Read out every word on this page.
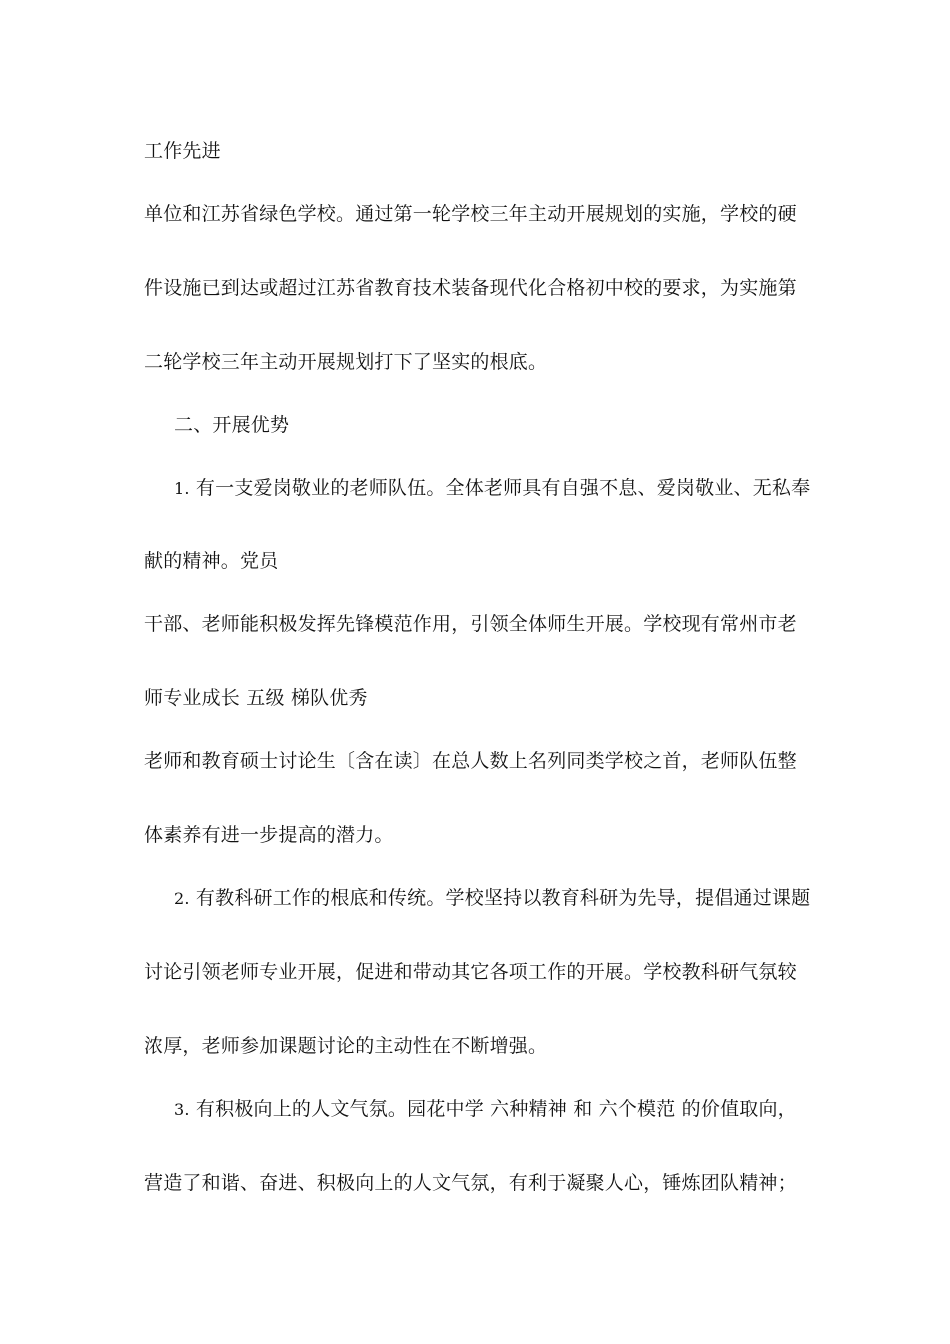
工作先进
单位和江苏省绿色学校。通过第一轮学校三年主动开展规划的实施，学校的硬
件设施已到达或超过江苏省教育技术装备现代化合格初中校的要求，为实施第
二轮学校三年主动开展规划打下了坚实的根底。
二、开展优势
1. 有一支爱岗敬业的老师队伍。全体老师具有自强不息、爱岗敬业、无私奉
献的精神。党员
干部、老师能积极发挥先锋模范作用，引领全体师生开展。学校现有常州市老
师专业成长 五级 梯队优秀
老师和教育硕士讨论生〔含在读〕在总人数上名列同类学校之首，老师队伍整
体素养有进一步提高的潜力。
2. 有教科研工作的根底和传统。学校坚持以教育科研为先导，提倡通过课题
讨论引领老师专业开展，促进和带动其它各项工作的开展。学校教科研气氛较
浓厚，老师参加课题讨论的主动性在不断增强。
3. 有积极向上的人文气氛。园花中学 六种精神 和 六个模范 的价值取向，
营造了和谐、奋进、积极向上的人文气氛，有利于凝聚人心，锤炼团队精神；
